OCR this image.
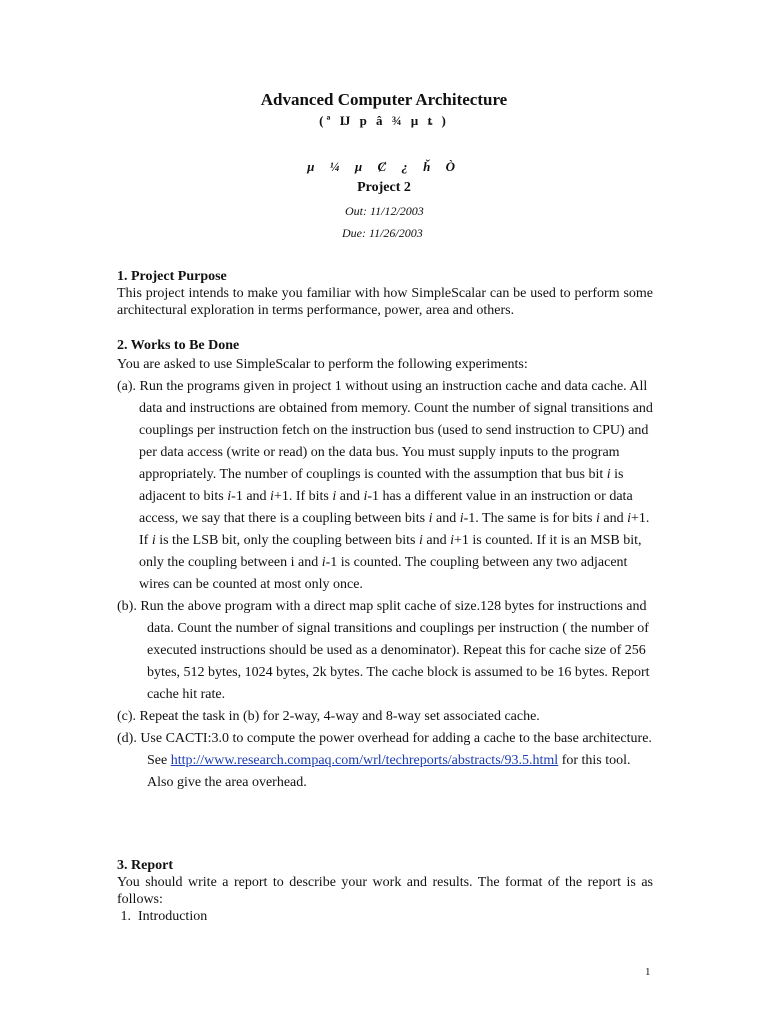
Advanced Computer Architecture
(ª Ĳ p â ¾ µ ȶ )
µ ¼ µ Ȼ ¿ ȟ Ò
Project 2
Out: 11/12/2003
Due: 11/26/2003

1. Project Purpose

This project intends to make you familiar with how SimpleScalar can be used to perform some architectural exploration in terms performance, power, area and others.

2. Works to Be Done

You are asked to use SimpleScalar to perform the following experiments:

(a). Run the programs given in project 1 without using an instruction cache and data cache. All data and instructions are obtained from memory. Count the number of signal transitions and couplings per instruction fetch on the instruction bus (used to send instruction to CPU) and per data access (write or read) on the data bus. You must supply inputs to the program appropriately. The number of couplings is counted with the assumption that bus bit i is adjacent to bits i-1 and i+1. If bits i and i-1 has a different value in an instruction or data access, we say that there is a coupling between bits i and i-1. The same is for bits i and i+1. If i is the LSB bit, only the coupling between bits i and i+1 is counted. If it is an MSB bit, only the coupling between i and i-1 is counted. The coupling between any two adjacent wires can be counted at most only once.

(b). Run the above program with a direct map split cache of size.128 bytes for instructions and data. Count the number of signal transitions and couplings per instruction ( the number of executed instructions should be used as a denominator). Repeat this for cache size of 256 bytes, 512 bytes, 1024 bytes, 2k bytes. The cache block is assumed to be 16 bytes. Report cache hit rate.

(c). Repeat the task in (b) for 2-way, 4-way and 8-way set associated cache.

(d). Use CACTI:3.0 to compute the power overhead for adding a cache to the base architecture. See http://www.research.compaq.com/wrl/techreports/abstracts/93.5.html for this tool. Also give the area overhead.

3. Report

You should write a report to describe your work and results. The format of the report is as follows:

1.  Introduction

1
